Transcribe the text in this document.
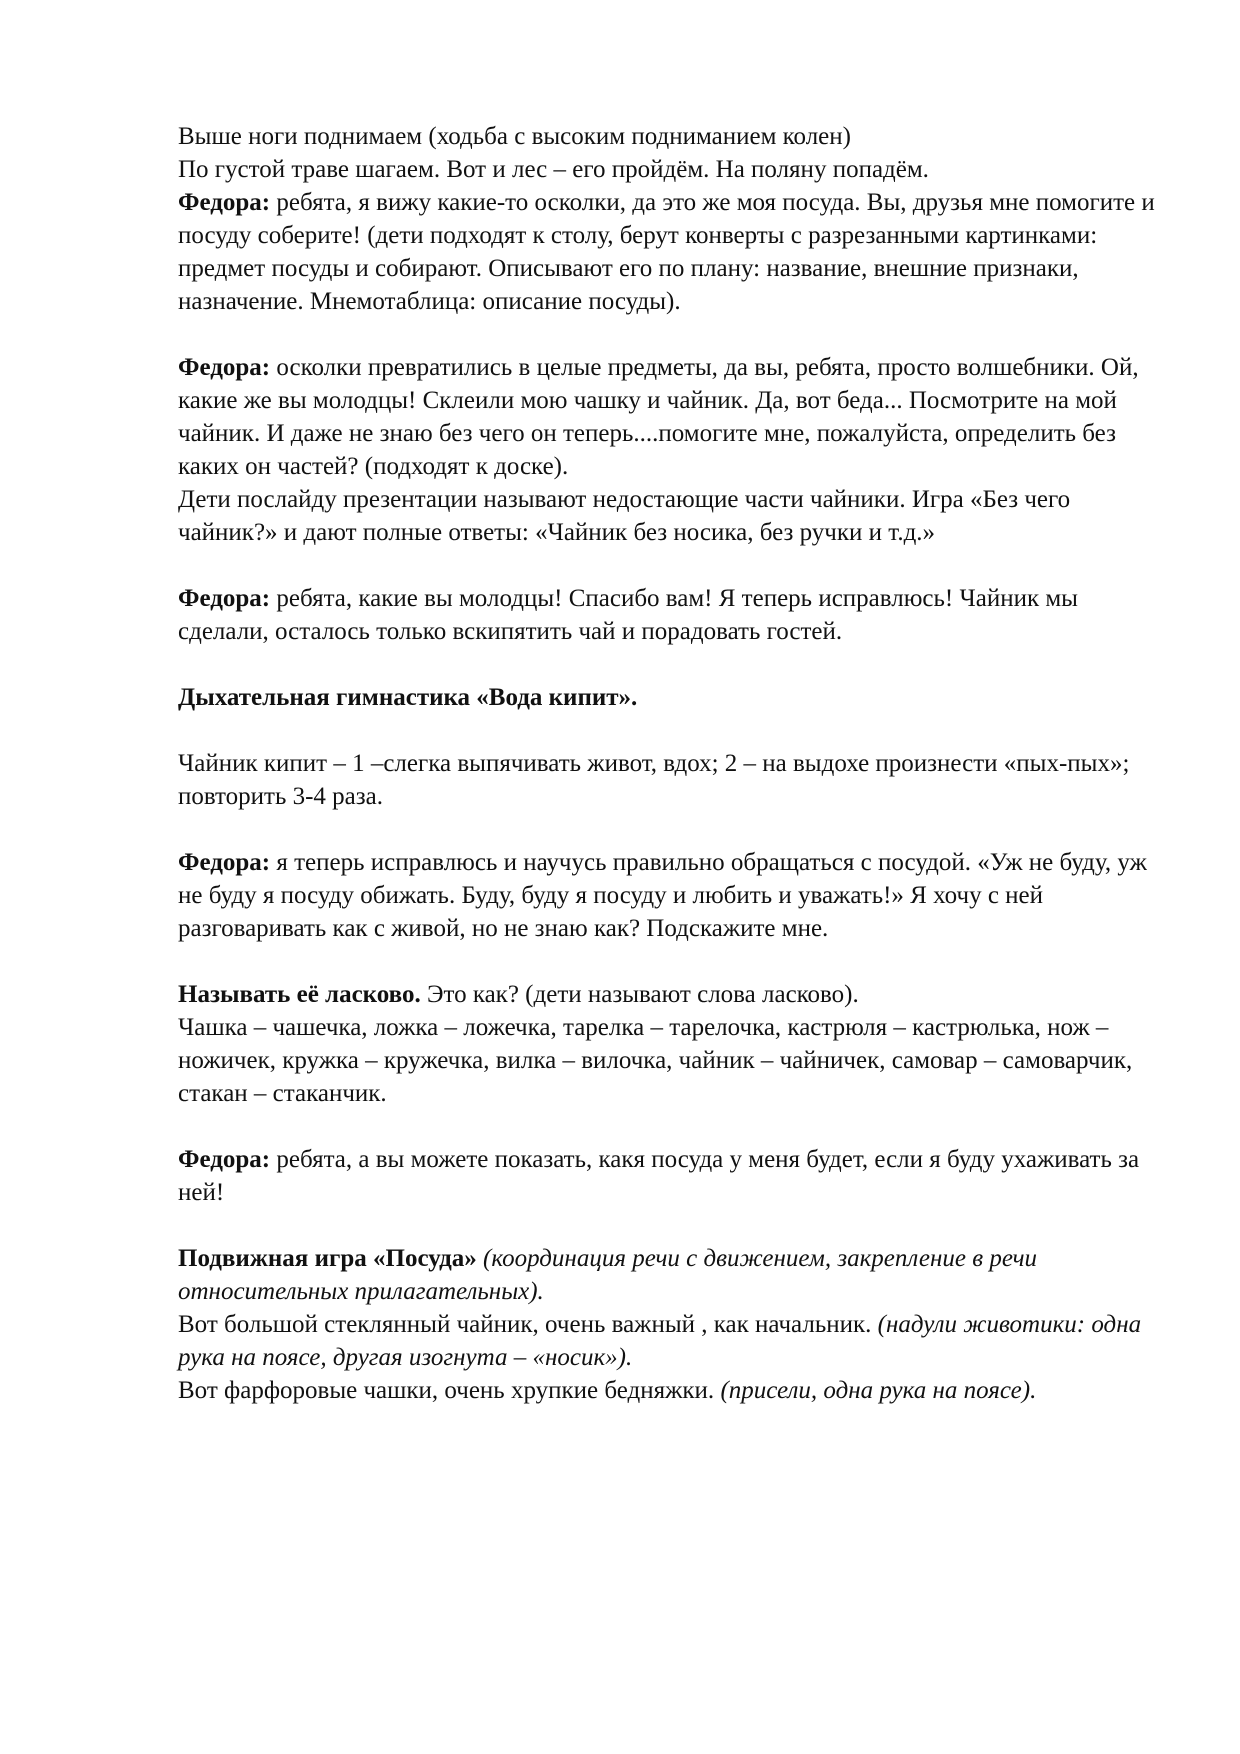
Выше ноги поднимаем (ходьба с высоким подниманием колен)

По густой траве шагаем. Вот и лес – его пройдём. На поляну попадём.

Федора: ребята, я вижу какие-то осколки, да это же моя посуда. Вы, друзья мне помогите и посуду соберите! (дети подходят к столу, берут конверты с разрезанными картинками: предмет посуды и собирают. Описывают его по плану: название, внешние признаки, назначение. Мнемотаблица: описание посуды).

Федора: осколки превратились в целые предметы, да вы, ребята, просто волшебники. Ой, какие же вы молодцы! Склеили мою чашку и чайник. Да, вот беда... Посмотрите на мой чайник. И даже не знаю без чего он теперь....помогите мне, пожалуйста, определить без каких он частей? (подходят к доске).

Дети послайду презентации называют недостающие части чайники. Игра «Без чего чайник?» и дают полные ответы: «Чайник без носика, без ручки и т.д.»

Федора: ребята, какие вы молодцы! Спасибо вам! Я теперь исправлюсь! Чайник мы сделали, осталось только вскипятить чай и порадовать гостей.

Дыхательная гимнастика «Вода кипит».

Чайник кипит – 1 –слегка выпячивать живот, вдох; 2 – на выдохе произнести «пых-пых»; повторить 3-4 раза.

Федора: я теперь исправлюсь и научусь правильно обращаться с посудой. «Уж не буду, уж не буду я посуду обижать. Буду, буду я посуду и любить и уважать!» Я хочу с ней разговаривать как с живой, но не знаю как? Подскажите мне.

Называть её ласково. Это как? (дети называют слова ласково).

Чашка – чашечка, ложка – ложечка, тарелка – тарелочка, кастрюля – кастрюлька, нож – ножичек, кружка – кружечка, вилка – вилочка, чайник – чайничек, самовар – самоварчик, стакан – стаканчик.

Федора: ребята, а вы можете показать, какя посуда у меня будет, если я буду ухаживать за ней!

Подвижная игра «Посуда» (координация речи с движением, закрепление в речи относительных прилагательных).

Вот большой стеклянный чайник, очень важный , как начальник. (надули животики: одна рука на поясе, другая изогнута – «носик»).

Вот фарфоровые чашки, очень хрупкие бедняжки. (присели, одна рука на поясе).
